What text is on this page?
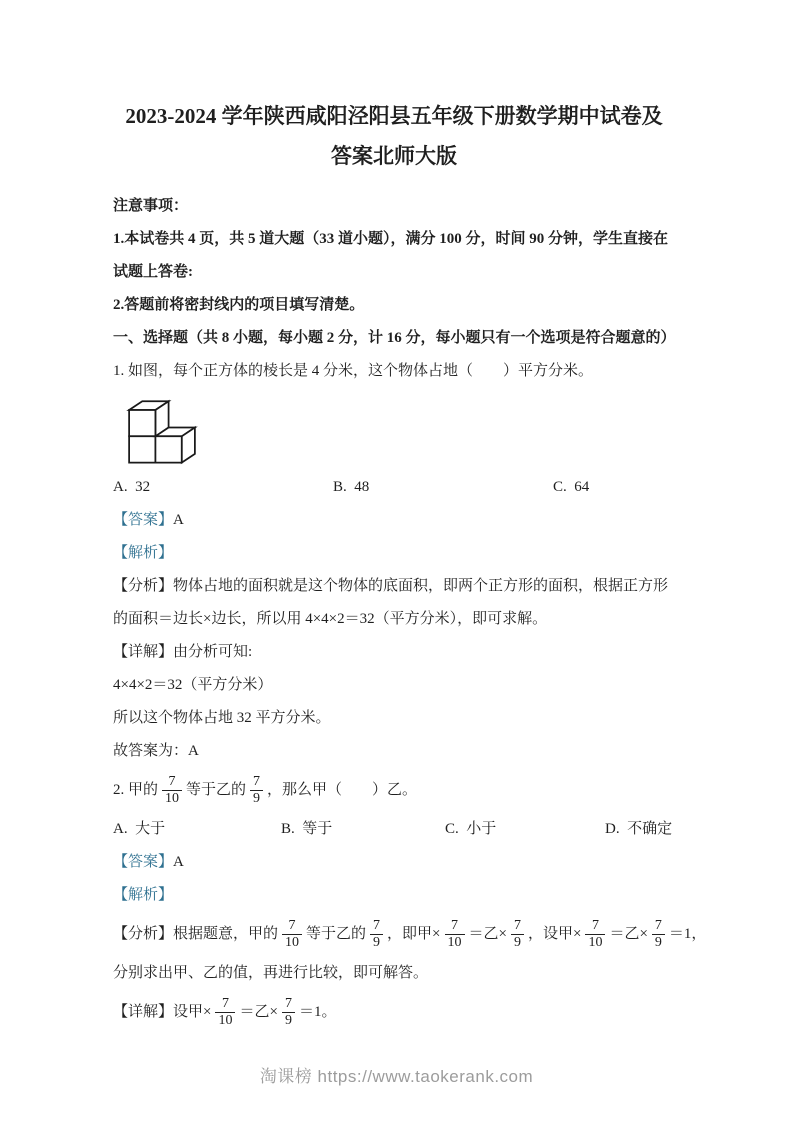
2023-2024 学年陕西咸阳泾阳县五年级下册数学期中试卷及
答案北师大版

注意事项：

1.本试卷共 4 页，共 5 道大题（33 道小题），满分 100 分，时间 90 分钟，学生直接在试题上答卷:

2.答题前将密封线内的项目填写清楚。

一、选择题（共 8 小题，每小题 2 分，计 16 分，每小题只有一个选项是符合题意的）

1. 如图，每个正方体的棱长是 4 分米，这个物体占地（　　）平方分米。

A.  32	B.  48	C.  64

【答案】A

【解析】

【分析】物体占地的面积就是这个物体的底面积，即两个正方形的面积，根据正方形的面积＝边长×边长，所以用 4×4×2＝32（平方分米），即可求解。

【详解】由分析可知:

4×4×2＝32（平方分米）

所以这个物体占地 32 平方分米。

故答案为：A

2. 甲的 $\frac{7}{10}$ 等于乙的 $\frac{7}{9}$ ，那么甲（　　）乙。

A.  大于	B.  等于	C.  小于	D.  不确定

【答案】A

【解析】

【分析】 根据题意，甲的 $\frac{7}{10}$ 等于乙的 $\frac{7}{9}$ ，即甲× $\frac{7}{10}$ ＝乙× $\frac{7}{9}$ ，设甲× $\frac{7}{10}$ ＝乙× $\frac{7}{9} =1$，

分别求出甲、乙的值，再进行比较，即可解答。

【详解】 设甲× $\frac{7}{10}$ ＝乙× $\frac{7}{9} =1$。

淘课榜 https://www.taokerank.com
